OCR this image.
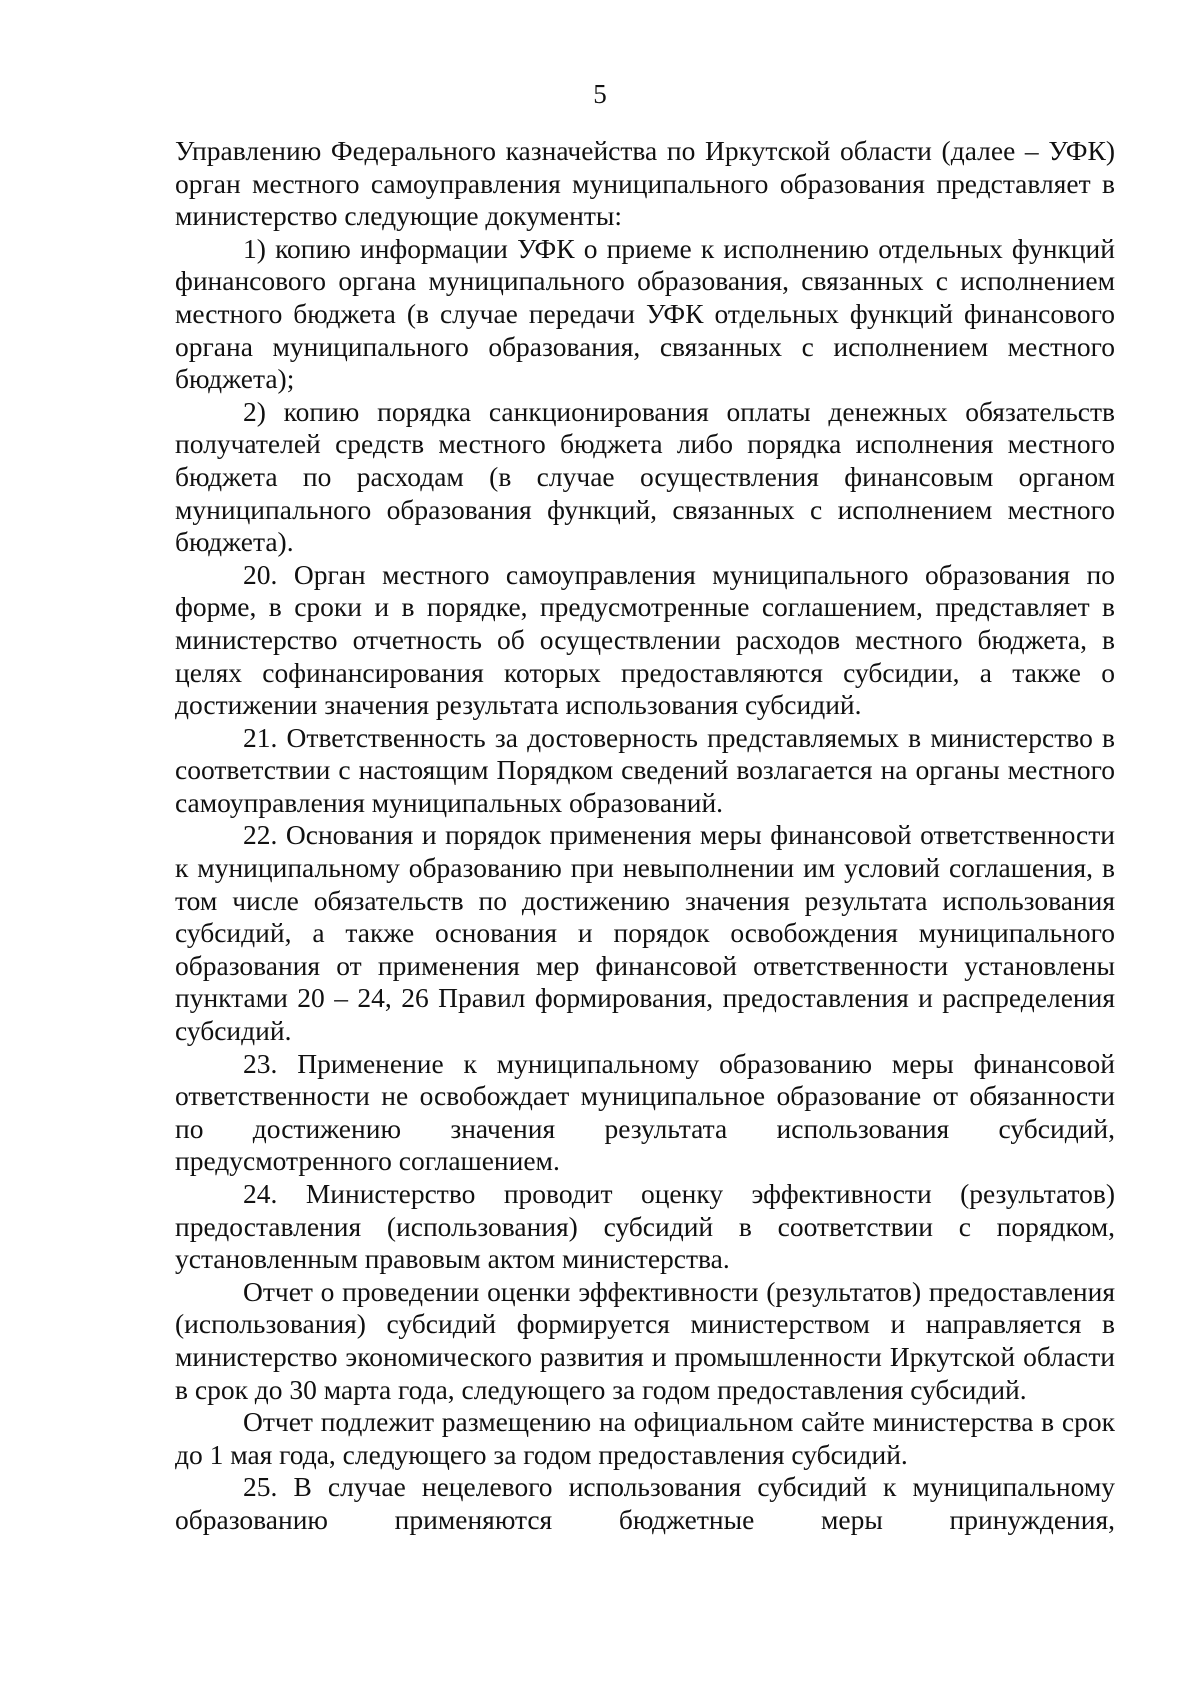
5

Управлению Федерального казначейства по Иркутской области (далее – УФК) орган местного самоуправления муниципального образования представляет в министерство следующие документы:

1) копию информации УФК о приеме к исполнению отдельных функций финансового органа муниципального образования, связанных с исполнением местного бюджета (в случае передачи УФК отдельных функций финансового органа муниципального образования, связанных с исполнением местного бюджета);

2) копию порядка санкционирования оплаты денежных обязательств получателей средств местного бюджета либо порядка исполнения местного бюджета по расходам (в случае осуществления финансовым органом муниципального образования функций, связанных с исполнением местного бюджета).

20. Орган местного самоуправления муниципального образования по форме, в сроки и в порядке, предусмотренные соглашением, представляет в министерство отчетность об осуществлении расходов местного бюджета, в целях софинансирования которых предоставляются субсидии, а также о достижении значения результата использования субсидий.

21. Ответственность за достоверность представляемых в министерство в соответствии с настоящим Порядком сведений возлагается на органы местного самоуправления муниципальных образований.

22. Основания и порядок применения меры финансовой ответственности к муниципальному образованию при невыполнении им условий соглашения, в том числе обязательств по достижению значения результата использования субсидий, а также основания и порядок освобождения муниципального образования от применения мер финансовой ответственности установлены пунктами 20 – 24, 26 Правил формирования, предоставления и распределения субсидий.

23. Применение к муниципальному образованию меры финансовой ответственности не освобождает муниципальное образование от обязанности по достижению значения результата использования субсидий, предусмотренного соглашением.

24. Министерство проводит оценку эффективности (результатов) предоставления (использования) субсидий в соответствии с порядком, установленным правовым актом министерства.

Отчет о проведении оценки эффективности (результатов) предоставления (использования) субсидий формируется министерством и направляется в министерство экономического развития и промышленности Иркутской области в срок до 30 марта года, следующего за годом предоставления субсидий.

Отчет подлежит размещению на официальном сайте министерства в срок до 1 мая года, следующего за годом предоставления субсидий.

25. В случае нецелевого использования субсидий к муниципальному образованию применяются бюджетные меры принуждения,
